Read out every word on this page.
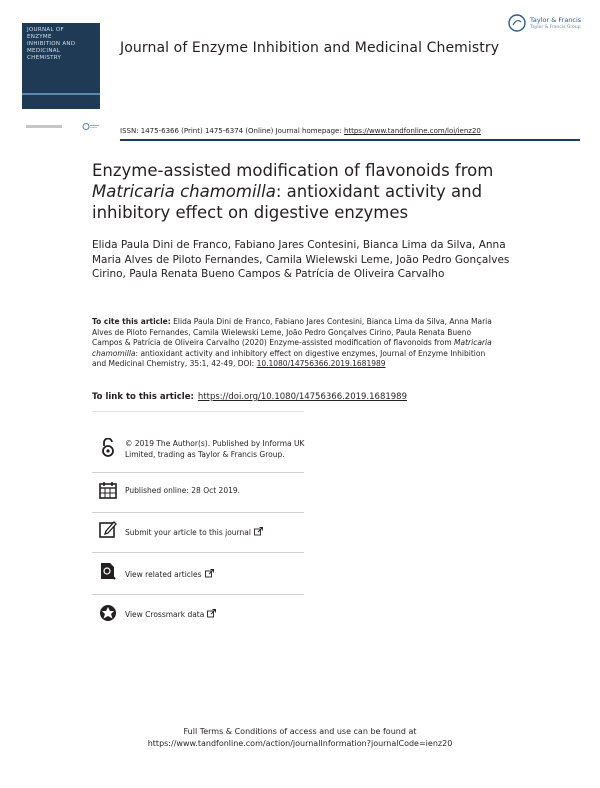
JOURNAL OF ENZYME
INHIBITION AND
MEDICINAL CHEMISTRY
Journal of Enzyme Inhibition and Medicinal Chemistry
Taylor & Francis
Taylor & Francis Group
ISSN: 1475-6366 (Print) 1475-6374 (Online) Journal homepage: https://www.tandfonline.com/loi/ienz20
Enzyme-assisted modification of flavonoids from
Matricaria chamomilla: antioxidant activity and
inhibitory effect on digestive enzymes
Elida Paula Dini de Franco, Fabiano Jares Contesini, Bianca Lima da Silva, Anna Maria Alves de Piloto Fernandes, Camila Wielewski Leme, João Pedro Gonçalves Cirino, Paula Renata Bueno Campos & Patrícia de Oliveira Carvalho
To cite this article: Elida Paula Dini de Franco, Fabiano Jares Contesini, Bianca Lima da Silva, Anna Maria Alves de Piloto Fernandes, Camila Wielewski Leme, João Pedro Gonçalves Cirino, Paula Renata Bueno Campos & Patrícia de Oliveira Carvalho (2020) Enzyme-assisted modification of flavonoids from Matricaria chamomilla: antioxidant activity and inhibitory effect on digestive enzymes, Journal of Enzyme Inhibition and Medicinal Chemistry, 35:1, 42-49, DOI: 10.1080/14756366.2019.1681989
To link to this article: https://doi.org/10.1080/14756366.2019.1681989
© 2019 The Author(s). Published by Informa UK Limited, trading as Taylor & Francis Group.
Published online: 28 Oct 2019.
Submit your article to this journal
View related articles
View Crossmark data
Full Terms & Conditions of access and use can be found at
https://www.tandfonline.com/action/journalInformation?journalCode=ienz20
